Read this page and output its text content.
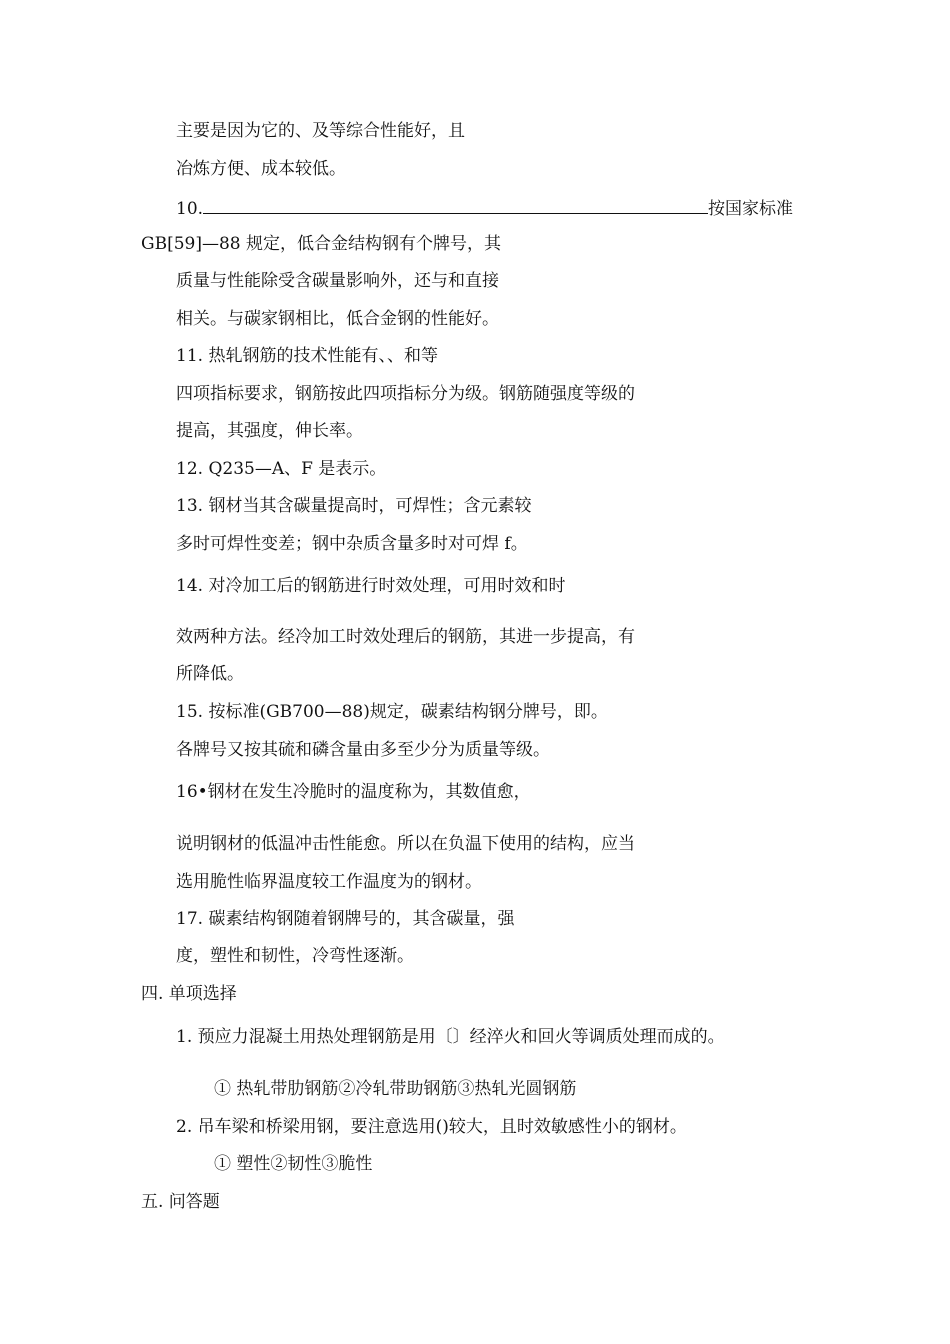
主要是因为它的、及等综合性能好，且
冶炼方便、成本较低。
10.	按国家标准
GB[59]—88 规定，低合金结构钢有个牌号，其
质量与性能除受含碳量影响外，还与和直接
相关。与碳家钢相比，低合金钢的性能好。
11. 热轧钢筋的技术性能有、、和等
四项指标要求，钢筋按此四项指标分为级。钢筋随强度等级的
提高，其强度，伸长率。
12. Q235—A、F 是表示。
13. 钢材当其含碳量提高时，可焊性；含元素较
多时可焊性变差；钢中杂质含量多时对可焊 f。
14. 对冷加工后的钢筋进行时效处理，可用时效和时
效两种方法。经冷加工时效处理后的钢筋，其进一步提高，有
所降低。
15. 按标准(GB700—88)规定，碳素结构钢分牌号，即。
各牌号又按其硫和磷含量由多至少分为质量等级。
16•钢材在发生冷脆时的温度称为，其数值愈，
说明钢材的低温冲击性能愈。所以在负温下使用的结构，应当
选用脆性临界温度较工作温度为的钢材。
17. 碳素结构钢随着钢牌号的，其含碳量，强
度，塑性和韧性，冷弯性逐渐。
四. 单项选择
1. 预应力混凝土用热处理钢筋是用〔〕经淬火和回火等调质处理而成的。
① 热轧带肋钢筋②冷轧带助钢筋③热轧光圆钢筋
2. 吊车梁和桥梁用钢，要注意选用()较大，且时效敏感性小的钢材。
① 塑性②韧性③脆性
五. 问答题
